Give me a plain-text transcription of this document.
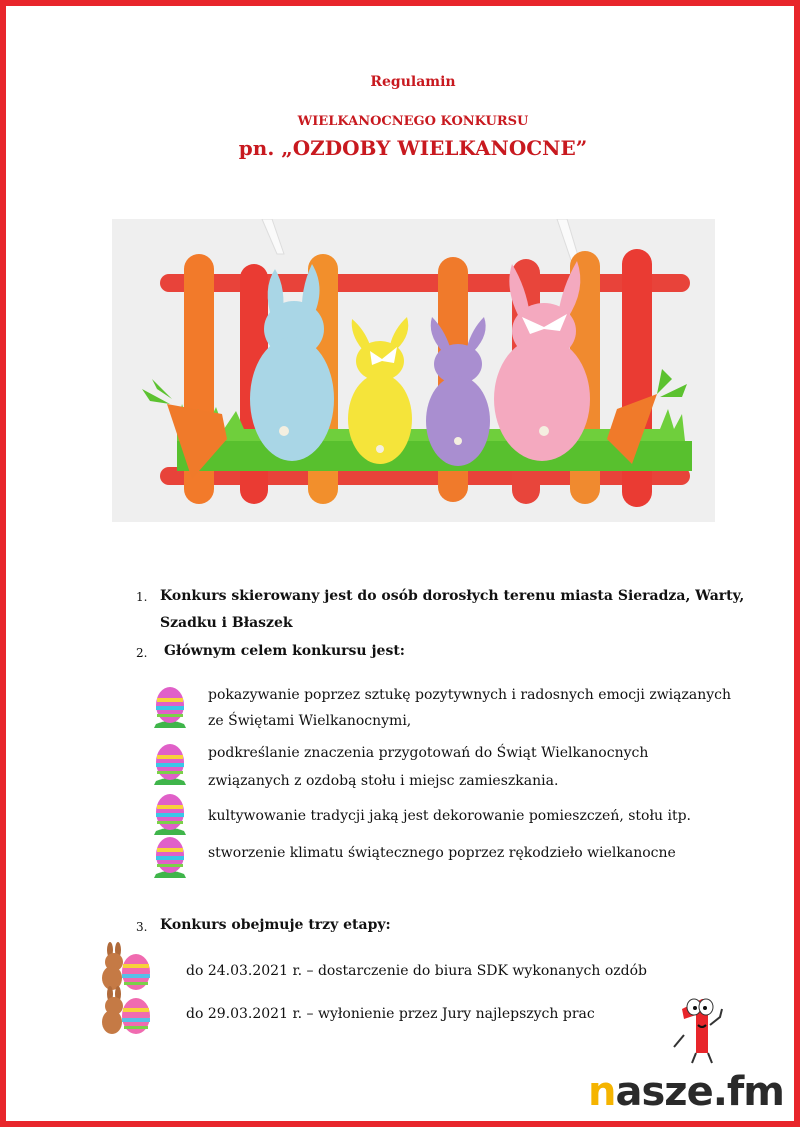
Regulamin
WIELKANOCNEGO KONKURSU
pn. „OZDOBY WIELKANOCNE”
1. Konkurs skierowany jest do osób dorosłych terenu miasta Sieradza, Warty,
Szadku i Błaszek
2. Głównym celem konkursu jest:
pokazywanie poprzez sztukę pozytywnych i radosnych emocji związanych
ze Świętami Wielkanocnymi,
podkreślanie znaczenia przygotowań do Świąt Wielkanocnych
związanych z ozdobą stołu i miejsc zamieszkania.
kultywowanie tradycji jaką jest dekorowanie pomieszczeń, stołu itp.
stworzenie klimatu świątecznego poprzez rękodzieło wielkanocne
3. Konkurs obejmuje trzy etapy:
do 24.03.2021 r. – dostarczenie do biura SDK wykonanych ozdób
do 29.03.2021 r. – wyłonienie przez Jury najlepszych prac
nasze.fm
